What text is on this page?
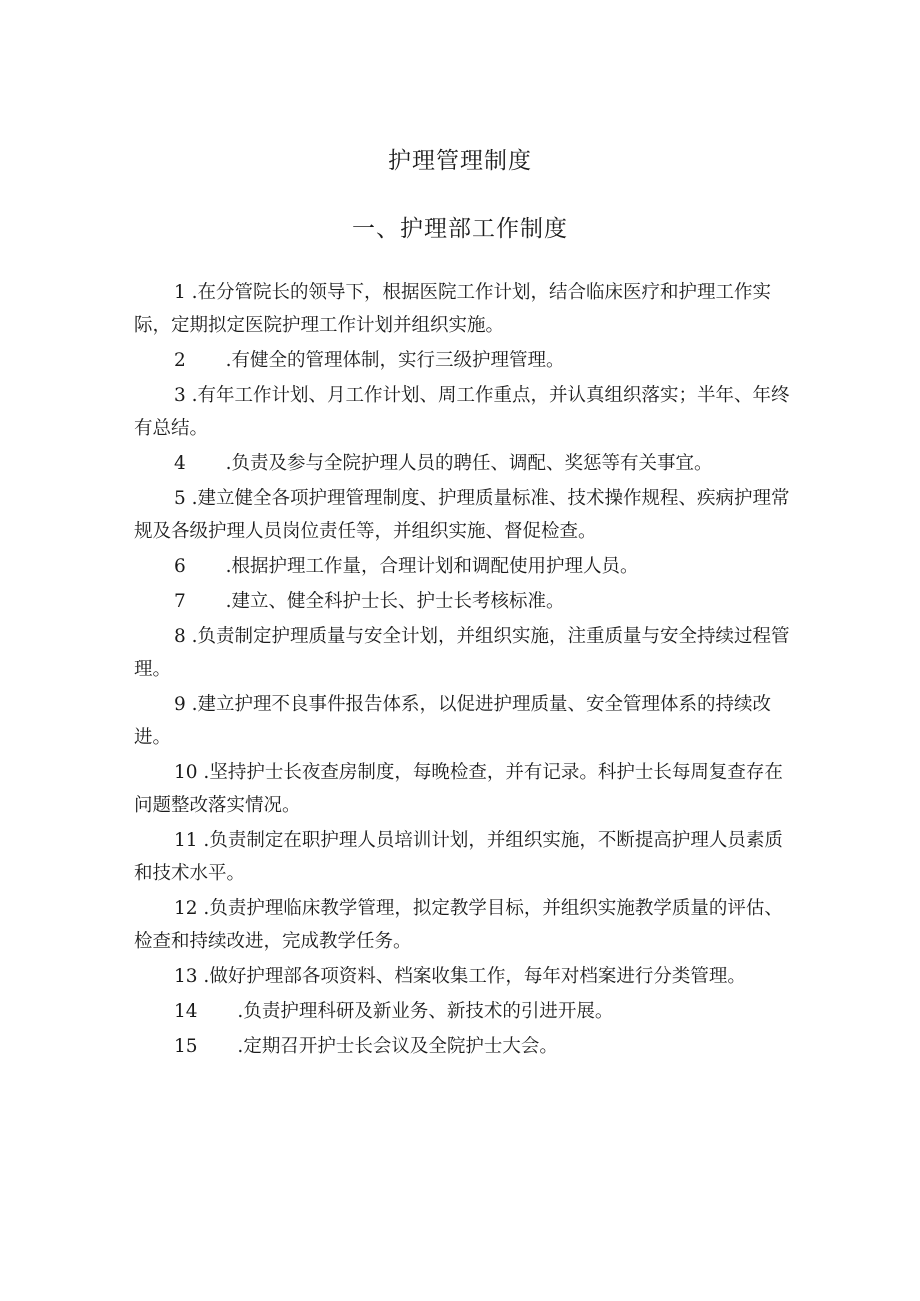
护理管理制度
一、护理部工作制度

1 .在分管院长的领导下，根据医院工作计划，结合临床医疗和护理工作实际，定期拟定医院护理工作计划并组织实施。

2 .有健全的管理体制，实行三级护理管理。

3 .有年工作计划、月工作计划、周工作重点，并认真组织落实；半年、年终有总结。

4 .负责及参与全院护理人员的聘任、调配、奖惩等有关事宜。

5 .建立健全各项护理管理制度、护理质量标准、技术操作规程、疾病护理常规及各级护理人员岗位责任等，并组织实施、督促检查。

6 .根据护理工作量，合理计划和调配使用护理人员。

7 .建立、健全科护士长、护士长考核标准。

8 .负责制定护理质量与安全计划，并组织实施，注重质量与安全持续过程管理。

9 .建立护理不良事件报告体系，以促进护理质量、安全管理体系的持续改进。

10 .坚持护士长夜查房制度，每晚检查，并有记录。科护士长每周复查存在问题整改落实情况。

11 .负责制定在职护理人员培训计划，并组织实施，不断提高护理人员素质和技术水平。

12 .负责护理临床教学管理，拟定教学目标，并组织实施教学质量的评估、检查和持续改进，完成教学任务。

13 .做好护理部各项资料、档案收集工作，每年对档案进行分类管理。

14 .负责护理科研及新业务、新技术的引进开展。

15 .定期召开护士长会议及全院护士大会。
